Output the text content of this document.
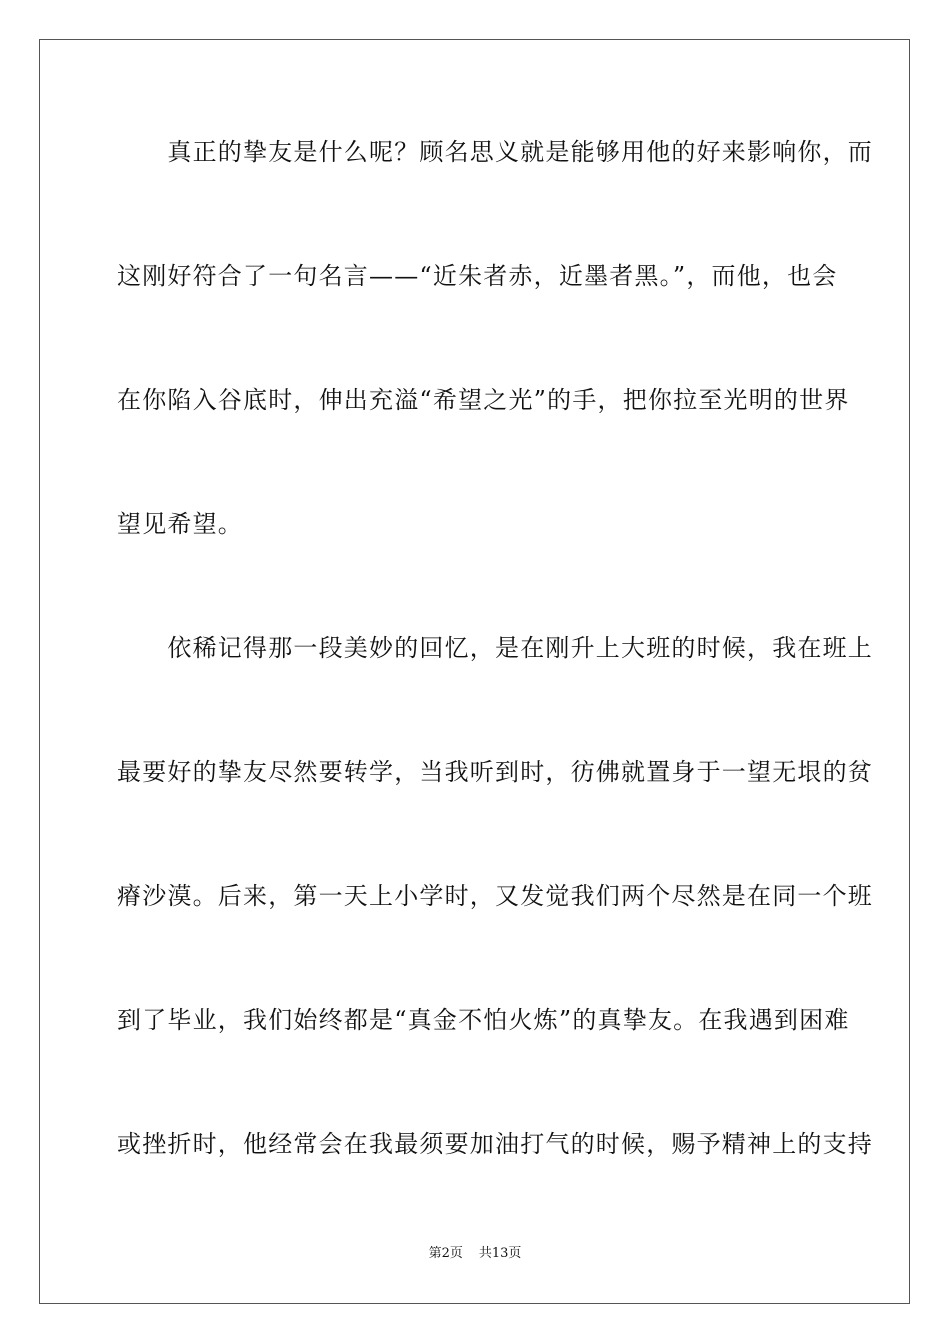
　　真正的挚友是什么呢？顾名思义就是能够用他的好来影响你，而
这刚好符合了一句名言——“近朱者赤，近墨者黑。”，而他，也会
在你陷入谷底时，伸出充溢“希望之光”的手，把你拉至光明的世界
望见希望。
　　依稀记得那一段美妙的回忆，是在刚升上大班的时候，我在班上
最要好的挚友尽然要转学，当我听到时，彷佛就置身于一望无垠的贫
瘠沙漠。后来，第一天上小学时，又发觉我们两个尽然是在同一个班
到了毕业，我们始终都是“真金不怕火炼”的真挚友。在我遇到困难
或挫折时，他经常会在我最须要加油打气的时候，赐予精神上的支持
第2页 共13页
